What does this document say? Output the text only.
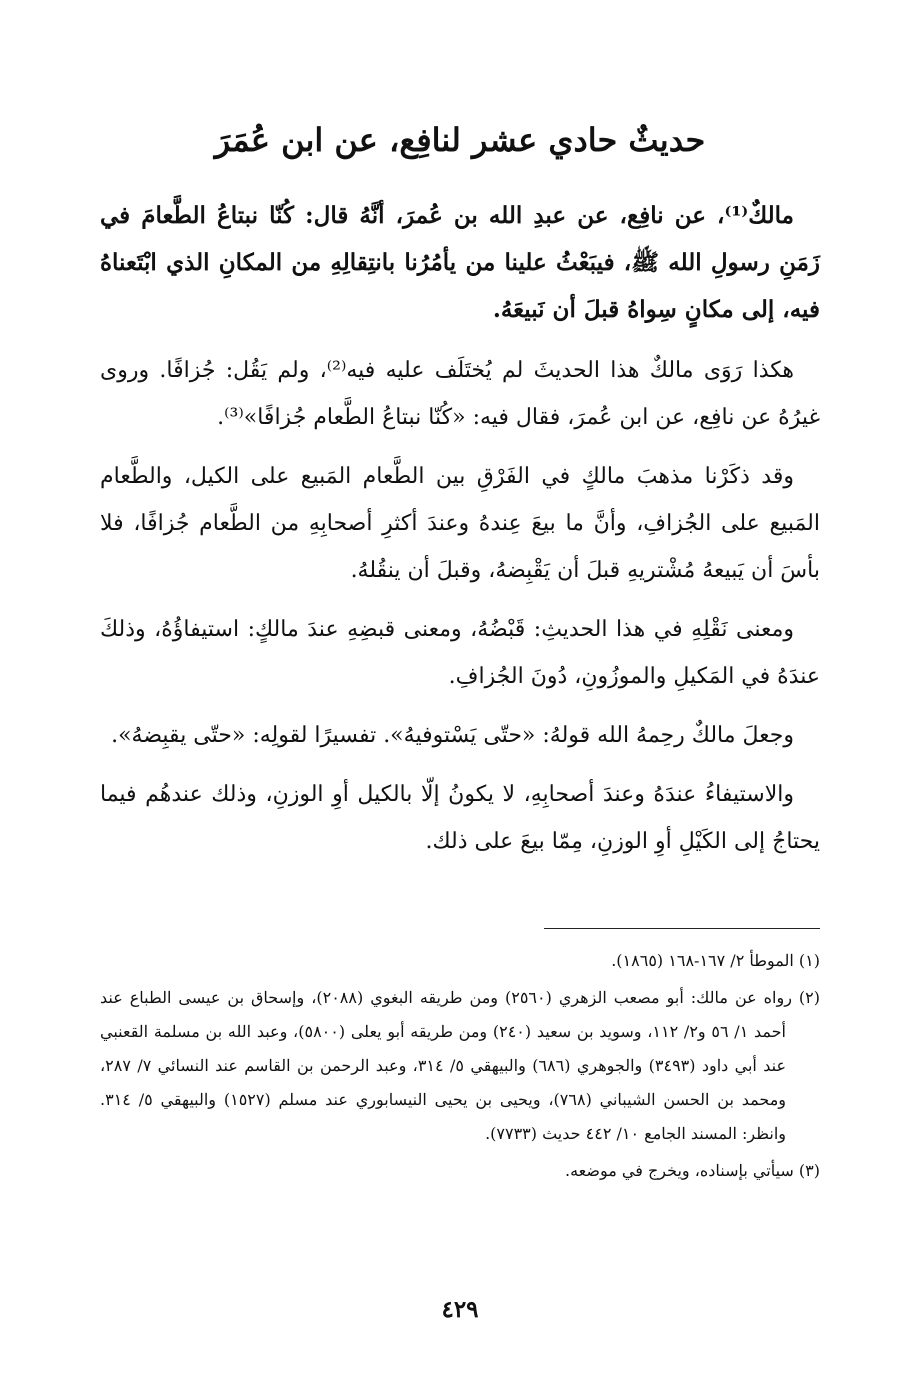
حديثٌ حادي عشر لنافِع، عن ابن عُمَرَ

مالكٌ⁽¹⁾، عن نافِع، عن عبدِ الله بن عُمرَ، أنَّهُ قال: كُنّا نبتاعُ الطَّعامَ في زَمَنِ رسولِ الله ﷺ، فيبَعْثُ علينا من يأمُرُنا بانتِقالِهِ من المكانِ الذي ابْتَعناهُ فيه، إلى مكانٍ سِواهُ قبلَ أن نَبيعَهُ.

هكذا رَوَى مالكٌ هذا الحديثَ لم يُختَلَف عليه فيه⁽²⁾، ولم يَقُل: جُزافًا. وروى غيرُهُ عن نافِع، عن ابن عُمرَ، فقال فيه: «كُنّا نبتاعُ الطَّعام جُزافًا»⁽³⁾.

وقد ذكَرْنا مذهبَ مالكٍ في الفَرْقِ بين الطَّعام المَبيع على الكيل، والطَّعام المَبيع على الجُزافِ، وأنَّ ما بيعَ عِندهُ وعندَ أكثرِ أصحابِهِ من الطَّعام جُزافًا، فلا بأسَ أن يَبيعهُ مُشْتريهِ قبلَ أن يَقْبِضهُ، وقبلَ أن ينقُلهُ.

ومعنى نَقْلِهِ في هذا الحديثِ: قَبْضُهُ، ومعنى قبضِهِ عندَ مالكٍ: استيفاؤُهُ، وذلكَ عندَهُ في المَكيلِ والموزُونِ، دُونَ الجُزافِ.

وجعلَ مالكٌ رحِمهُ الله قولهُ: «حتّى يَسْتوفيهُ». تفسيرًا لقولِه: «حتّى يقبِضهُ».

والاستيفاءُ عندَهُ وعندَ أصحابِهِ، لا يكونُ إلّا بالكيل أوِ الوزنِ، وذلك عندهُم فيما يحتاجُ إلى الكَيْلِ أوِ الوزنِ، مِمّا بيعَ على ذلك.

(١) الموطأ ٢/ ١٦٧-١٦٨ (١٨٦٥).

(٢) رواه عن مالك: أبو مصعب الزهري (٢٥٦٠) ومن طريقه البغوي (٢٠٨٨)، وإسحاق بن عيسى الطباع عند أحمد ١/ ٥٦ و٢/ ١١٢، وسويد بن سعيد (٢٤٠) ومن طريقه أبو يعلى (٥٨٠٠)، وعبد الله بن مسلمة القعنبي عند أبي داود (٣٤٩٣) والجوهري (٦٨٦) والبيهقي ٥/ ٣١٤، وعبد الرحمن بن القاسم عند النسائي ٧/ ٢٨٧، ومحمد بن الحسن الشيباني (٧٦٨)، ويحيى بن يحيى النيسابوري عند مسلم (١٥٢٧) والبيهقي ٥/ ٣١٤. وانظر: المسند الجامع ١٠/ ٤٤٢ حديث (٧٧٣٣).

(٣) سيأتي بإسناده، ويخرج في موضعه.

٤٢٩
